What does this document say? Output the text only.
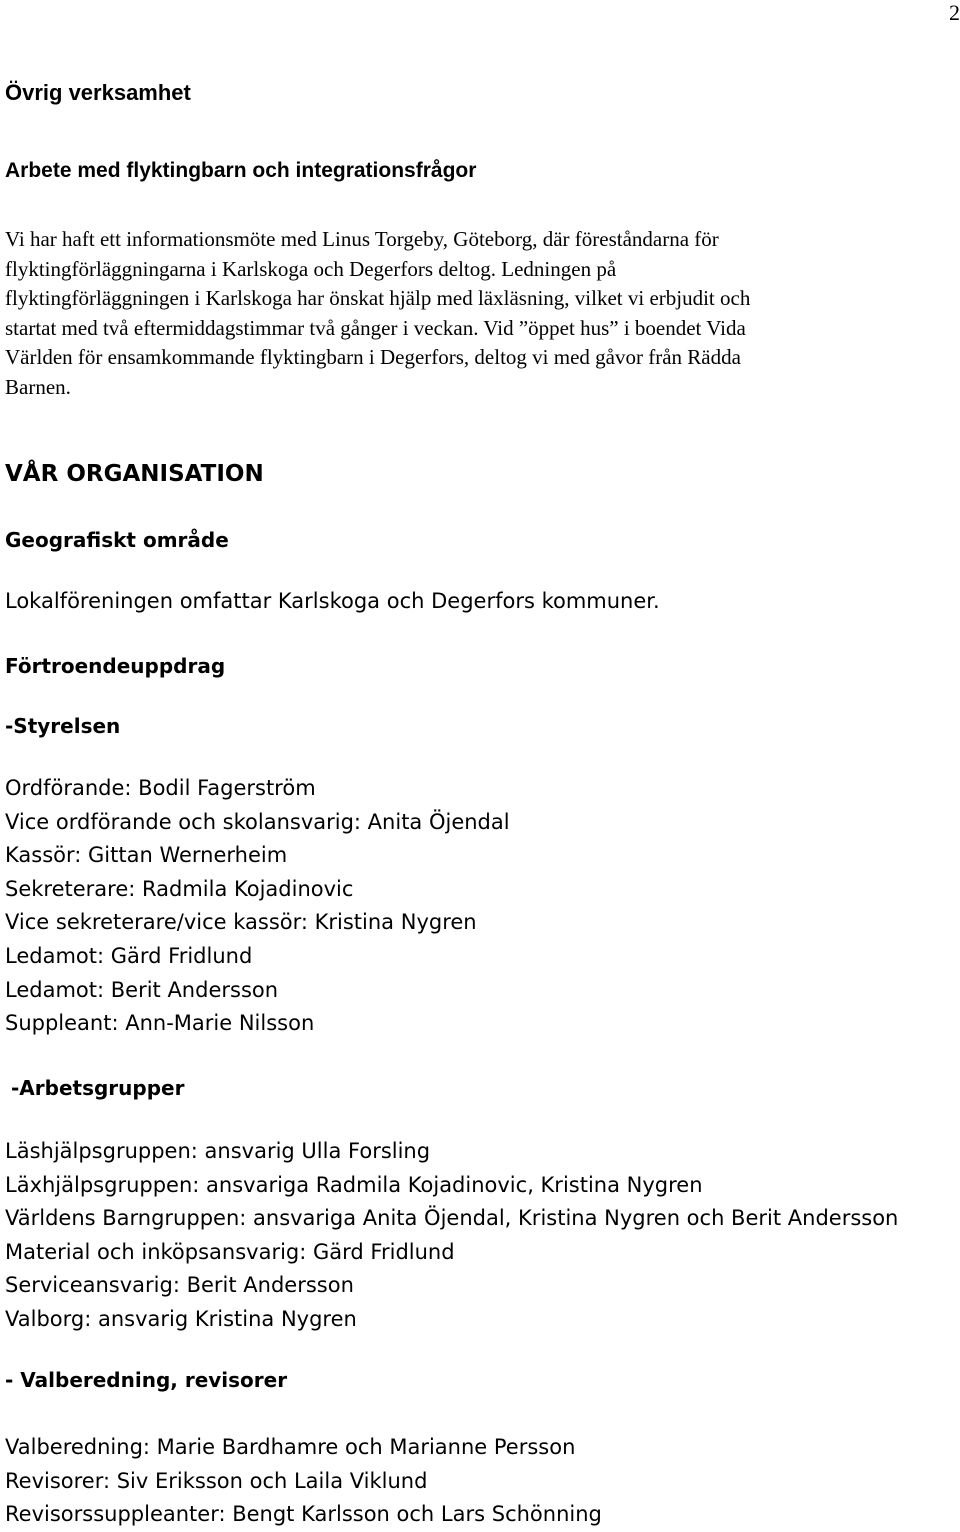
2
Övrig verksamhet
Arbete med flyktingbarn och integrationsfrågor
Vi har haft ett informationsmöte med Linus Torgeby, Göteborg, där föreståndarna för
flyktingförläggningarna i Karlskoga och Degerfors deltog. Ledningen på
flyktingförläggningen i Karlskoga har önskat hjälp med läxläsning, vilket vi erbjudit och
startat med två eftermiddagstimmar två gånger i veckan. Vid ”öppet hus” i boendet Vida
Världen för ensamkommande flyktingbarn i Degerfors, deltog vi med gåvor från Rädda
Barnen.
VÅR ORGANISATION
Geografiskt område

Lokalföreningen omfattar Karlskoga och Degerfors kommuner.

Förtroendeuppdrag
-Styrelsen
Ordförande: Bodil Fagerström
Vice ordförande och skolansvarig: Anita Öjendal
Kassör: Gittan Wernerheim
Sekreterare: Radmila Kojadinovic
Vice sekreterare/vice kassör: Kristina Nygren
Ledamot: Gärd Fridlund
Ledamot: Berit Andersson
Suppleant: Ann-Marie Nilsson
-Arbetsgrupper
Läshjälpsgruppen: ansvarig Ulla Forsling
Läxhjälpsgruppen: ansvariga Radmila Kojadinovic, Kristina Nygren
Världens Barngruppen: ansvariga Anita Öjendal, Kristina Nygren och Berit Andersson
Material och inköpsansvarig: Gärd Fridlund
Serviceansvarig: Berit Andersson
Valborg: ansvarig Kristina Nygren
- Valberedning, revisorer
Valberedning: Marie Bardhamre och Marianne Persson
Revisorer: Siv Eriksson och Laila Viklund
Revisorssuppleanter: Bengt Karlsson och Lars Schönning
